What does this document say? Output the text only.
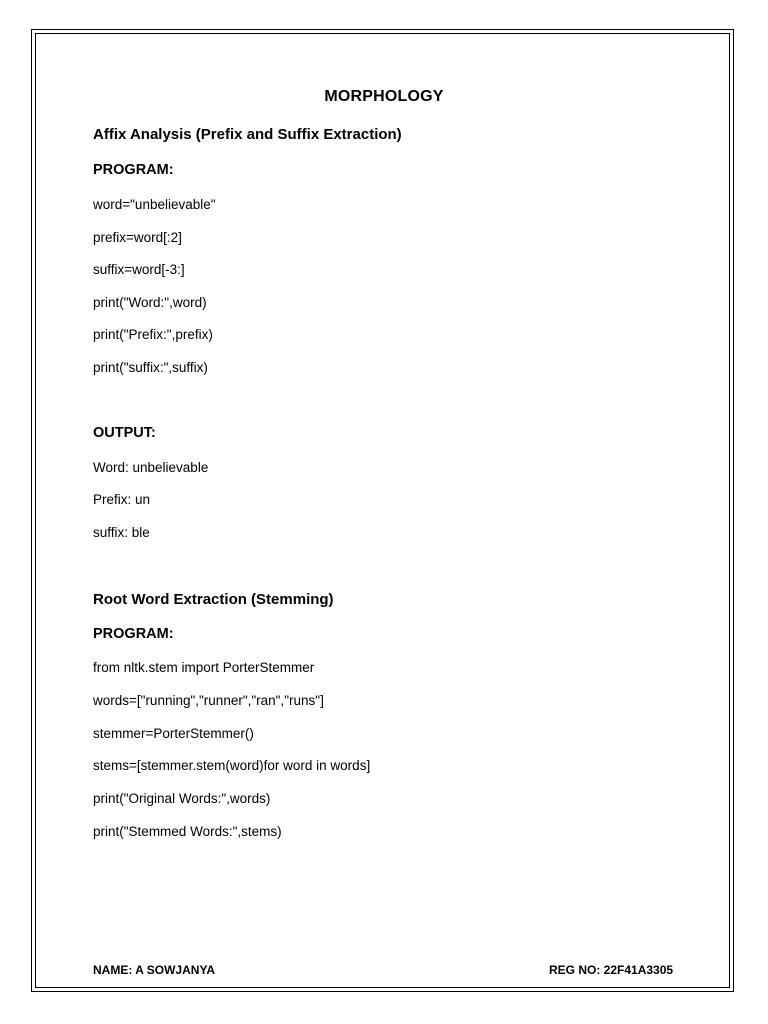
MORPHOLOGY
Affix Analysis (Prefix and Suffix Extraction)
PROGRAM:
word="unbelievable"
prefix=word[:2]
suffix=word[-3:]
print("Word:",word)
print("Prefix:",prefix)
print("suffix:",suffix)
OUTPUT:
Word: unbelievable
Prefix: un
suffix: ble
Root Word Extraction (Stemming)
PROGRAM:
from nltk.stem import PorterStemmer
words=["running","runner","ran","runs"]
stemmer=PorterStemmer()
stems=[stemmer.stem(word)for word in words]
print("Original Words:",words)
print("Stemmed Words:",stems)
NAME: A SOWJANYA	REG NO: 22F41A3305
